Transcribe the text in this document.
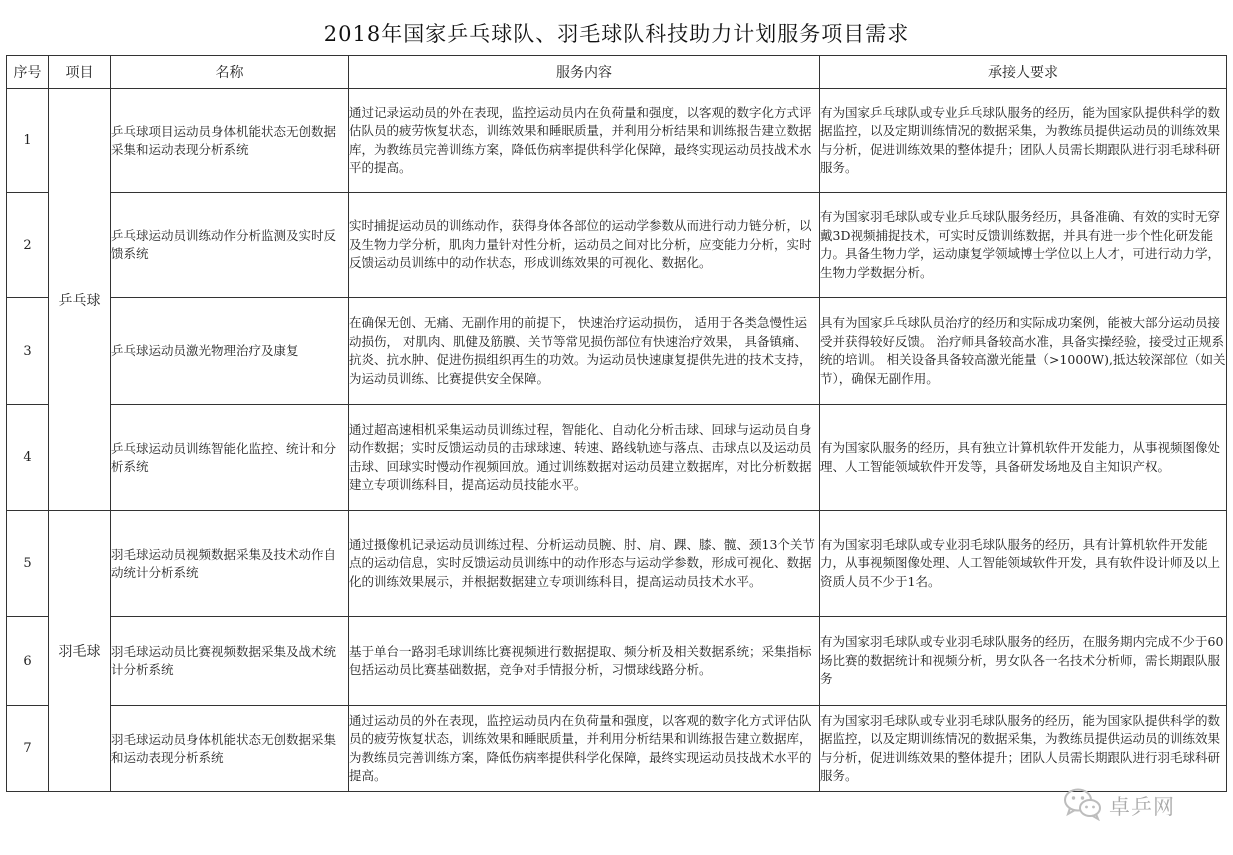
2018年国家乒乓球队、羽毛球队科技助力计划服务项目需求
序号	项目	名称	服务内容	承接人要求
1	乒乓球	乒乓球项目运动员身体机能状态无创数据采集和运动表现分析系统	通过记录运动员的外在表现，监控运动员内在负荷量和强度，以客观的数字化方式评估队员的疲劳恢复状态，训练效果和睡眠质量，并利用分析结果和训练报告建立数据库，为教练员完善训练方案，降低伤病率提供科学化保障，最终实现运动员技战术水平的提高。	有为国家乒乓球队或专业乒乓球队服务的经历，能为国家队提供科学的数据监控，以及定期训练情况的数据采集，为教练员提供运动员的训练效果与分析，促进训练效果的整体提升；团队人员需长期跟队进行羽毛球科研服务。
2		乒乓球运动员训练动作分析监测及实时反馈系统	实时捕捉运动员的训练动作，获得身体各部位的运动学参数从而进行动力链分析，以及生物力学分析，肌肉力量针对性分析，运动员之间对比分析，应变能力分析，实时反馈运动员训练中的动作状态，形成训练效果的可视化、数据化。	有为国家羽毛球队或专业乒乓球队服务经历，具备准确、有效的实时无穿戴3D视频捕捉技术，可实时反馈训练数据，并具有进一步个性化研发能力。具备生物力学，运动康复学领域博士学位以上人才，可进行动力学，生物力学数据分析。
3		乒乓球运动员激光物理治疗及康复	在确保无创、无痛、无副作用的前提下， 快速治疗运动损伤， 适用于各类急慢性运动损伤， 对肌肉、肌健及筋膜、关节等常见损伤部位有快速治疗效果， 具备镇痛、抗炎、抗水肿、促进伤损组织再生的功效。为运动员快速康复提供先进的技术支持，为运动员训练、比赛提供安全保障。	具有为国家乒乓球队员治疗的经历和实际成功案例，能被大部分运动员接受并获得较好反馈。 治疗师具备较高水准，具备实操经验，接受过正规系统的培训。 相关设备具备较高激光能量（>1000W),抵达较深部位（如关节），确保无副作用。
4		乒乓球运动员训练智能化监控、统计和分析系统	通过超高速相机采集运动员训练过程，智能化、自动化分析击球、回球与运动员自身动作数据；实时反馈运动员的击球球速、转速、路线轨迹与落点、击球点以及运动员击球、回球实时慢动作视频回放。通过训练数据对运动员建立数据库，对比分析数据建立专项训练科目，提高运动员技能水平。	有为国家队服务的经历，具有独立计算机软件开发能力，从事视频图像处理、人工智能领域软件开发等，具备研发场地及自主知识产权。
5	羽毛球	羽毛球运动员视频数据采集及技术动作自动统计分析系统	通过摄像机记录运动员训练过程、分析运动员腕、肘、肩、踝、膝、髋、颈13个关节点的运动信息，实时反馈运动员训练中的动作形态与运动学参数，形成可视化、数据化的训练效果展示，并根据数据建立专项训练科目，提高运动员技术水平。	有为国家羽毛球队或专业羽毛球队服务的经历，具有计算机软件开发能力，从事视频图像处理、人工智能领域软件开发，具有软件设计师及以上资质人员不少于1名。
6		羽毛球运动员比赛视频数据采集及战术统计分析系统	基于单台一路羽毛球训练比赛视频进行数据提取、频分析及相关数据系统；采集指标包括运动员比赛基础数据，竞争对手情报分析，习惯球线路分析。	有为国家羽毛球队或专业羽毛球队服务的经历，在服务期内完成不少于60场比赛的数据统计和视频分析，男女队各一名技术分析师，需长期跟队服务
7		羽毛球运动员身体机能状态无创数据采集和运动表现分析系统	通过运动员的外在表现，监控运动员内在负荷量和强度，以客观的数字化方式评估队员的疲劳恢复状态，训练效果和睡眠质量，并利用分析结果和训练报告建立数据库，为教练员完善训练方案，降低伤病率提供科学化保障，最终实现运动员技战术水平的提高。	有为国家羽毛球队或专业羽毛球队服务的经历，能为国家队提供科学的数据监控，以及定期训练情况的数据采集，为教练员提供运动员的训练效果与分析，促进训练效果的整体提升；团队人员需长期跟队进行羽毛球科研服务。
卓乒网
